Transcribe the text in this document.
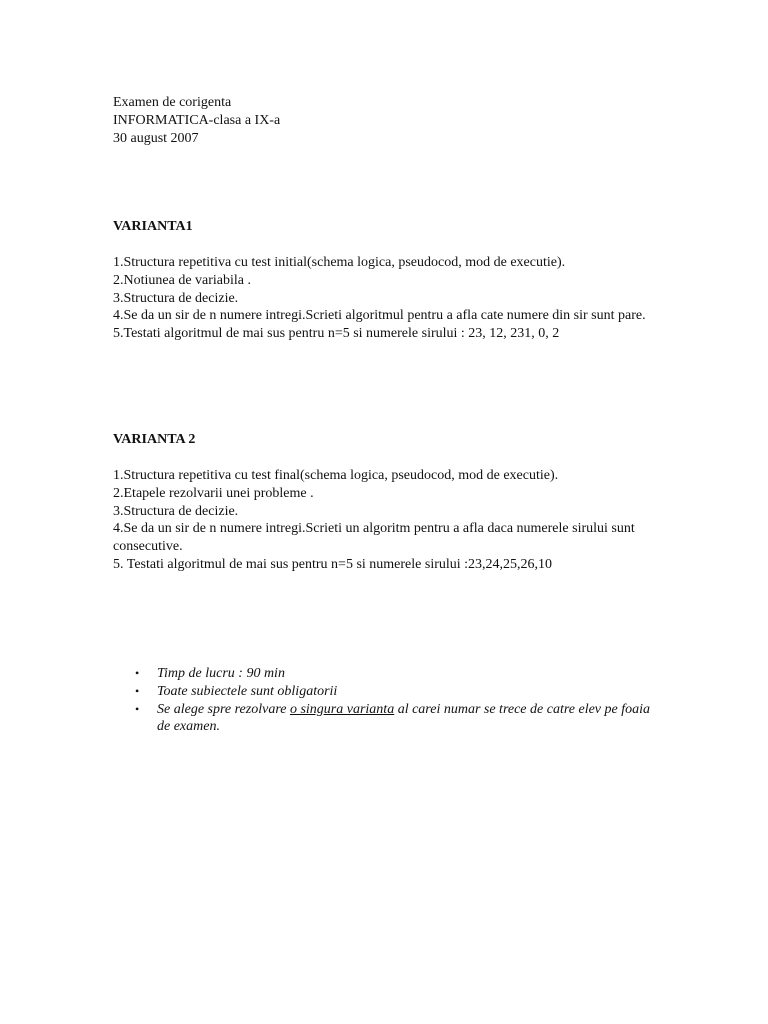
Examen de corigenta
INFORMATICA-clasa a IX-a
30 august 2007
VARIANTA1
1.Structura repetitiva cu test initial(schema logica, pseudocod, mod de executie).
2.Notiunea de variabila .
3.Structura de decizie.
4.Se da un sir de n numere intregi.Scrieti algoritmul pentru a afla cate numere din sir sunt pare.
5.Testati algoritmul de mai sus pentru n=5 si numerele sirului : 23, 12, 231, 0, 2
VARIANTA 2
1.Structura repetitiva cu test final(schema logica, pseudocod, mod de executie).
2.Etapele rezolvarii unei probleme .
3.Structura de decizie.
4.Se da un sir de n numere intregi.Scrieti un algoritm pentru a afla daca numerele sirului sunt consecutive.
5. Testati algoritmul de mai sus pentru n=5 si numerele sirului :23,24,25,26,10
• Timp de lucru : 90 min
• Toate subiectele sunt obligatorii
• Se alege spre rezolvare o singura varianta al carei numar se trece de catre elev pe foaia de examen.
